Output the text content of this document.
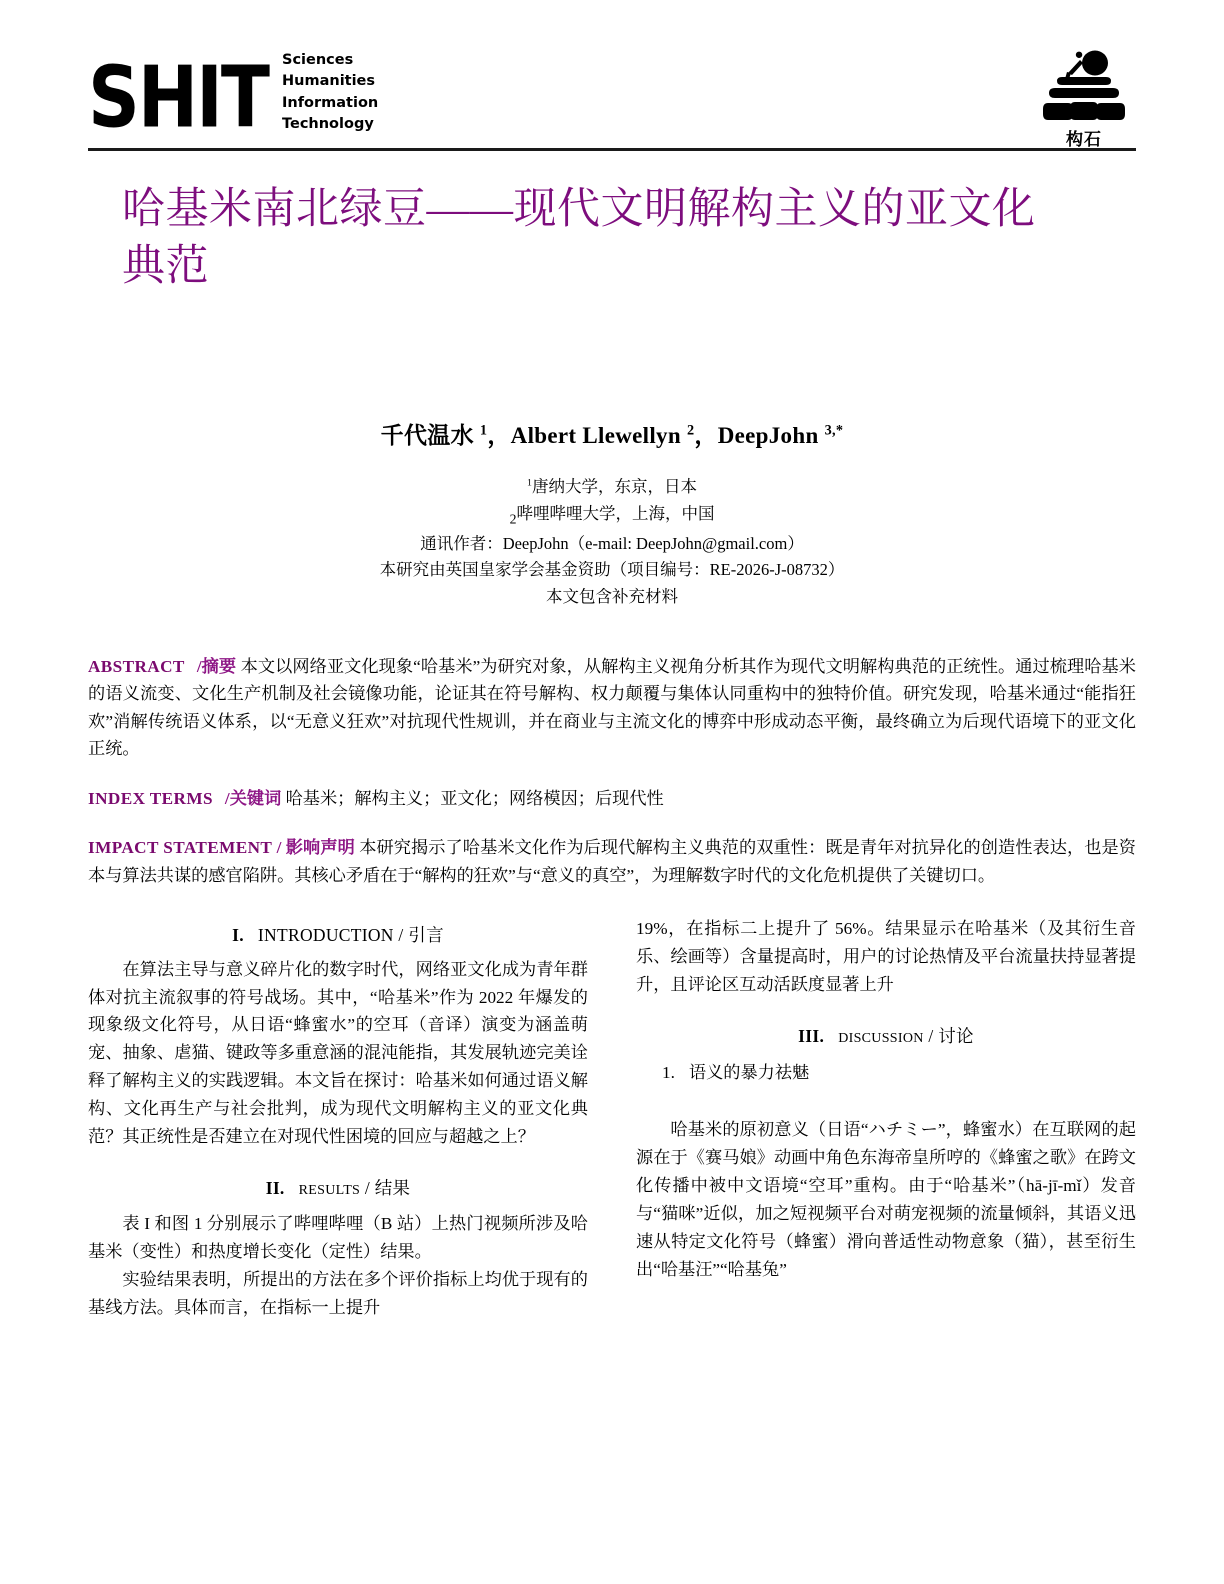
SHIT Sciences
Humanities
Information
Technology
构石
哈基米南北绿豆——现代文明解构主义的亚文化典范
千代温水 $^1$，Albert Llewellyn $^2$，DeepJohn $^{3,*}$
$^1$唐纳大学，东京，日本
$_2$哔哩哔哩大学，上海，中国
通讯作者：DeepJohn（e-mail: DeepJohn@gmail.com）
本研究由英国皇家学会基金资助（项目编号：RE-2026-J-08732）
本文包含补充材料

ABSTRACT /摘要 本文以网络亚文化现象“哈基米”为研究对象，从解构主义视角分析其作为现代文明解构典范的正统性。通过梳理哈基米的语义流变、文化生产机制及社会镜像功能，论证其在符号解构、权力颠覆与集体认同重构中的独特价值。研究发现，哈基米通过“能指狂欢”消解传统语义体系，以“无意义狂欢”对抗现代性规训，并在商业与主流文化的博弈中形成动态平衡，最终确立为后现代语境下的亚文化正统。

INDEX TERMS /关键词 哈基米；解构主义；亚文化；网络模因；后现代性

IMPACT STATEMENT / 影响声明 本研究揭示了哈基米文化作为后现代解构主义典范的双重性：既是青年对抗异化的创造性表达，也是资本与算法共谋的感官陷阱。其核心矛盾在于“解构的狂欢”与“意义的真空”，为理解数字时代的文化危机提供了关键切口。

I. INTRODUCTION / 引言

在算法主导与意义碎片化的数字时代，网络亚文化成为青年群体对抗主流叙事的符号战场。其中，“哈基米”作为 2022 年爆发的现象级文化符号，从日语“蜂蜜水”的空耳（音译）演变为涵盖萌宠、抽象、虐猫、键政等多重意涵的混沌能指，其发展轨迹完美诠释了解构主义的实践逻辑。本文旨在探讨：哈基米如何通过语义解构、文化再生产与社会批判，成为现代文明解构主义的亚文化典范？其正统性是否建立在对现代性困境的回应与超越之上？

II. results / 结果

表 I 和图 1 分别展示了哔哩哔哩（B 站）上热门视频所涉及哈基米（变性）和热度增长变化（定性）结果。

实验结果表明，所提出的方法在多个评价指标上均优于现有的基线方法。具体而言，在指标一上提升

19%，在指标二上提升了 56%。结果显示在哈基米（及其衍生音乐、绘画等）含量提高时，用户的讨论热情及平台流量扶持显著提升，且评论区互动活跃度显著上升

III. discussion / 讨论

1. 语义的暴力祛魅

哈基米的原初意义（日语“ハチミー”，蜂蜜水）在互联网的起源在于《赛马娘》动画中角色东海帝皇所哼的《蜂蜜之歌》在跨文化传播中被中文语境“空耳”重构。由于“哈基米”（hā-jī-mǐ）发音与“猫咪”近似，加之短视频平台对萌宠视频的流量倾斜，其语义迅速从特定文化符号（蜂蜜）滑向普适性动物意象（猫），甚至衍生出“哈基汪”“哈基兔”
